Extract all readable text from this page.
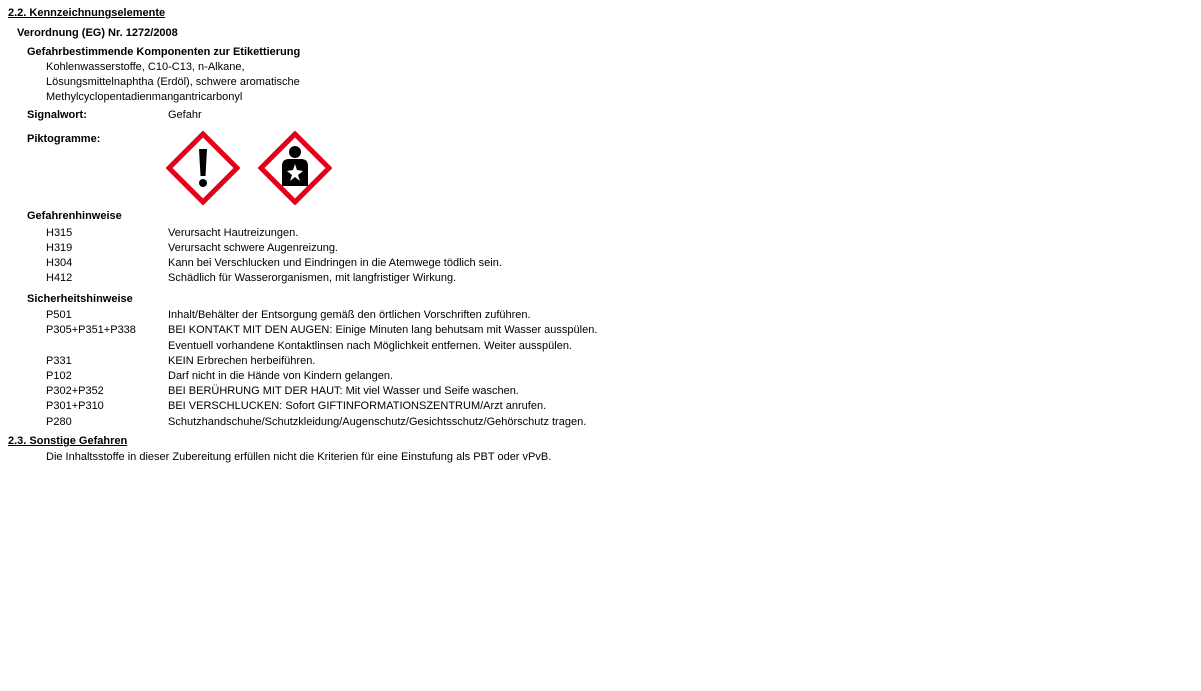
2.2. Kennzeichnungselemente
Verordnung (EG) Nr. 1272/2008
Gefahrbestimmende Komponenten zur Etikettierung
Kohlenwasserstoffe, C10-C13, n-Alkane,
Lösungsmittelnaphtha (Erdöl), schwere aromatische
Methylcyclopentadienmangantricarbonyl
Signalwort:	Gefahr
Piktogramme:
Gefahrenhinweise
H315	Verursacht Hautreizungen.
H319	Verursacht schwere Augenreizung.
H304	Kann bei Verschlucken und Eindringen in die Atemwege tödlich sein.
H412	Schädlich für Wasserorganismen, mit langfristiger Wirkung.
Sicherheitshinweise
P501	Inhalt/Behälter der Entsorgung gemäß den örtlichen Vorschriften zuführen.
P305+P351+P338	BEI KONTAKT MIT DEN AUGEN: Einige Minuten lang behutsam mit Wasser ausspülen.
Eventuell vorhandene Kontaktlinsen nach Möglichkeit entfernen. Weiter ausspülen.
P331	KEIN Erbrechen herbeiführen.
P102	Darf nicht in die Hände von Kindern gelangen.
P302+P352	BEI BERÜHRUNG MIT DER HAUT: Mit viel Wasser und Seife waschen.
P301+P310	BEI VERSCHLUCKEN: Sofort GIFTINFORMATIONSZENTRUM/Arzt anrufen.
P280	Schutzhandschuhe/Schutzkleidung/Augenschutz/Gesichtsschutz/Gehörschutz tragen.
2.3. Sonstige Gefahren
Die Inhaltsstoffe in dieser Zubereitung erfüllen nicht die Kriterien für eine Einstufung als PBT oder vPvB.
